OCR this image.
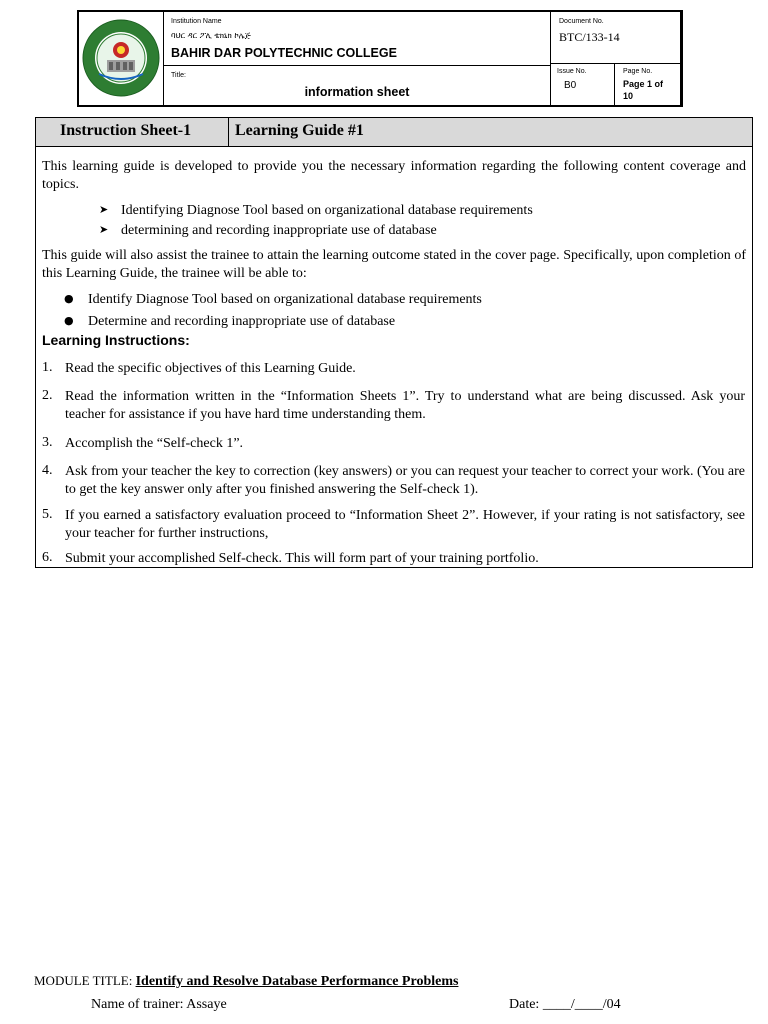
Institution Name
ባህር ዳር ፖሊ ቴክኒክ ኮሌጅ
BAHIR DAR POLYTECHNIC COLLEGE
Title:
information sheet
Document No.
BTC/133-14
Issue No.
B0
Page No.
Page 1 of 10
Instruction Sheet-1	Learning Guide #1
This learning guide is developed to provide you the necessary information regarding the following content coverage and topics.
➤ Identifying Diagnose Tool based on organizational database requirements
➤ determining and recording inappropriate use of database
This guide will also assist the trainee to attain the learning outcome stated in the cover page. Specifically, upon completion of this Learning Guide, the trainee will be able to:
● Identify Diagnose Tool based on organizational database requirements
● Determine and recording inappropriate use of database
Learning Instructions:
1. Read the specific objectives of this Learning Guide.
2. Read the information written in the “Information Sheets 1”. Try to understand what are being discussed. Ask your teacher for assistance if you have hard time understanding them.
3. Accomplish the “Self-check 1”.
4. Ask from your teacher the key to correction (key answers) or you can request your teacher to correct your work. (You are to get the key answer only after you finished answering the Self-check 1).
5. If you earned a satisfactory evaluation proceed to “Information Sheet 2”. However, if your rating is not satisfactory, see your teacher for further instructions,
6. Submit your accomplished Self-check. This will form part of your training portfolio.
MODULE TITLE: Identify and Resolve Database Performance Problems
Name of trainer: Assaye	Date: ____/____/04
